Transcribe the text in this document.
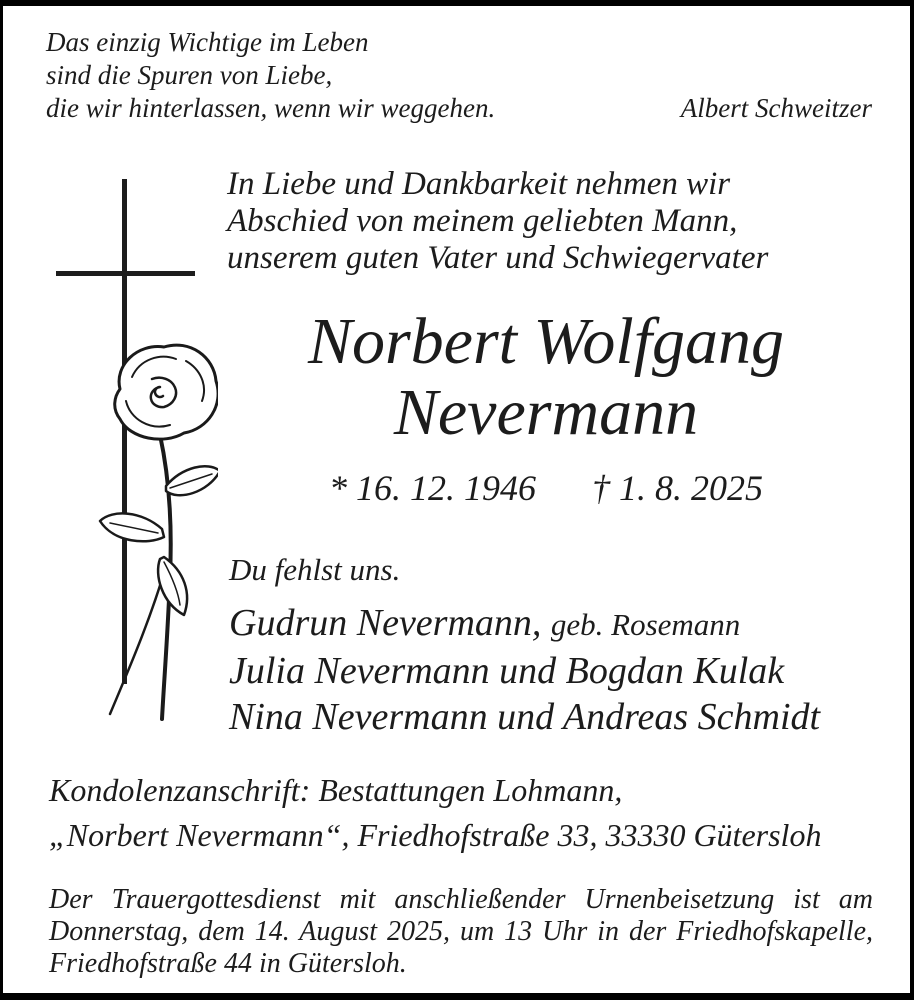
Das einzig Wichtige im Leben
sind die Spuren von Liebe,
die wir hinterlassen, wenn wir weggehen.	Albert Schweitzer
In Liebe und Dankbarkeit nehmen wir
Abschied von meinem geliebten Mann,
unserem guten Vater und Schwiegervater
Norbert Wolfgang
Nevermann
* 16. 12. 1946 † 1. 8. 2025
Du fehlst uns.
Gudrun Nevermann, geb. Rosemann
Julia Nevermann und Bogdan Kulak
Nina Nevermann und Andreas Schmidt
Kondolenzanschrift: Bestattungen Lohmann,
„Norbert Nevermann“, Friedhofstraße 33, 33330 Gütersloh
Der Trauergottesdienst mit anschließender Urnenbeisetzung ist am
Donnerstag, dem 14. August 2025, um 13 Uhr in der Friedhofskapelle,
Friedhofstraße 44 in Gütersloh.
